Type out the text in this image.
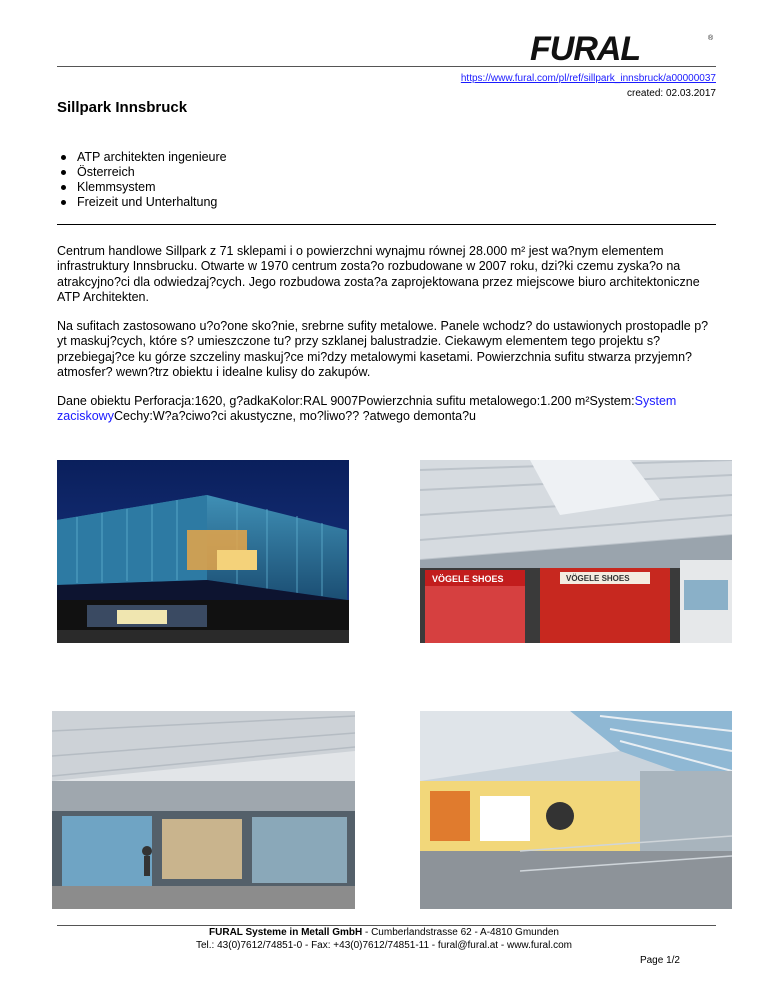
FURAL	®
https://www.fural.com/pl/ref/sillpark_innsbruck/a00000037
created: 02.03.2017
Sillpark Innsbruck
ATP architekten ingenieure
Österreich
Klemmsystem
Freizeit und Unterhaltung

Centrum handlowe Sillpark z 71 sklepami i o powierzchni wynajmu równej 28.000 m² jest wa?nym elementem infrastruktury Innsbrucku. Otwarte w 1970 centrum zosta?o rozbudowane w 2007 roku, dzi?ki czemu zyska?o na atrakcyjno?ci dla odwiedzaj?cych. Jego rozbudowa zosta?a zaprojektowana przez miejscowe biuro architektoniczne ATP Architekten.

Na sufitach zastosowano u?o?one sko?nie, srebrne sufity metalowe. Panele wchodz? do ustawionych prostopadle p?yt maskuj?cych, które s? umieszczone tu? przy szklanej balustradzie. Ciekawym elementem tego projektu s? przebiegaj?ce ku górze szczeliny maskuj?ce mi?dzy metalowymi kasetami. Powierzchnia sufitu stwarza przyjemn? atmosfer? wewn?trz obiektu i idealne kulisy do zakupów.

Dane obiektu Perforacja:1620, g?adkaKolor:RAL 9007Powierzchnia sufitu metalowego:1.200 m²System:System zaciskowyCechy:W?a?ciwo?ci akustyczne, mo?liwo?? ?atwego demonta?u

VÖGELE SHOES	VÖGELE SHOES
FURAL Systeme in Metall GmbH - Cumberlandstrasse 62 - A-4810 Gmunden
Tel.: 43(0)7612/74851-0 - Fax: +43(0)7612/74851-11 - fural@fural.at - www.fural.com
Page 1/2
